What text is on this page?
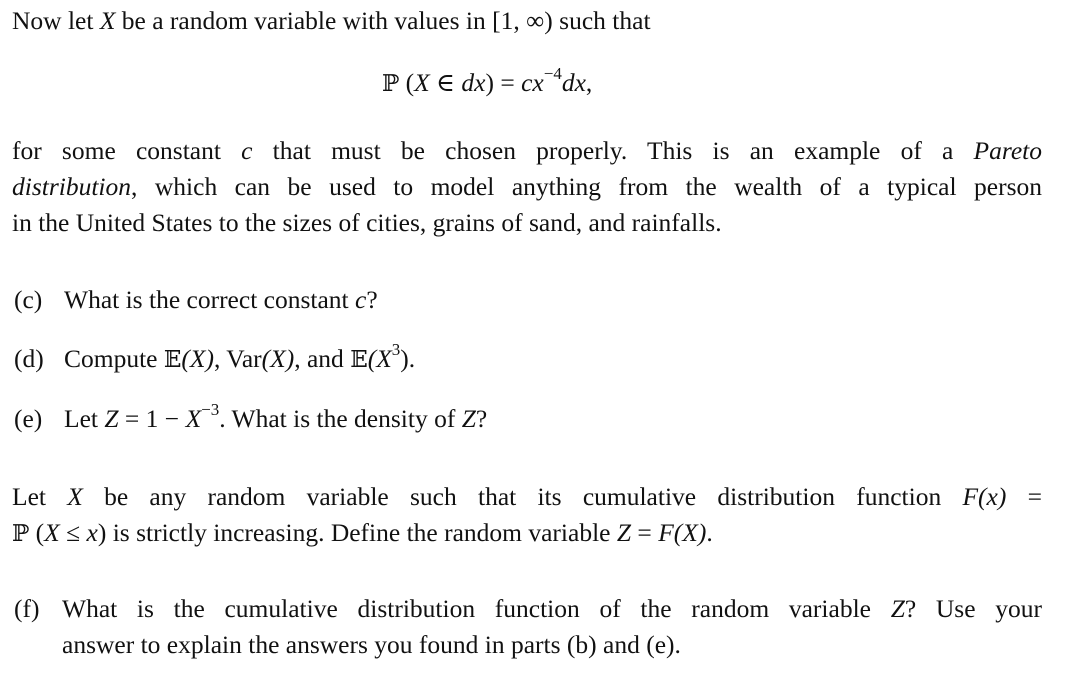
Now let X be a random variable with values in [1, ∞) such that
ℙ (X ∈ $dx) = cx^{-4}dx$,
for some constant c that must be chosen properly. This is an example of a Pareto
distribution, which can be used to model anything from the wealth of a typical person
in the United States to the sizes of cities, grains of sand, and rainfalls.
(c) What is the correct constant c?
(d) Compute 𝔼(X), Var(X), and $𝔼(X^3)$.
(e) Let $Z = 1 - X^{-3}$. What is the density of Z?
Let X be any random variable such that its cumulative distribution function F(x) =
ℙ (X ≤ x) is strictly increasing. Define the random variable Z = F(X).
(f) What is the cumulative distribution function of the random variable Z? Use your
answer to explain the answers you found in parts (b) and (e).
